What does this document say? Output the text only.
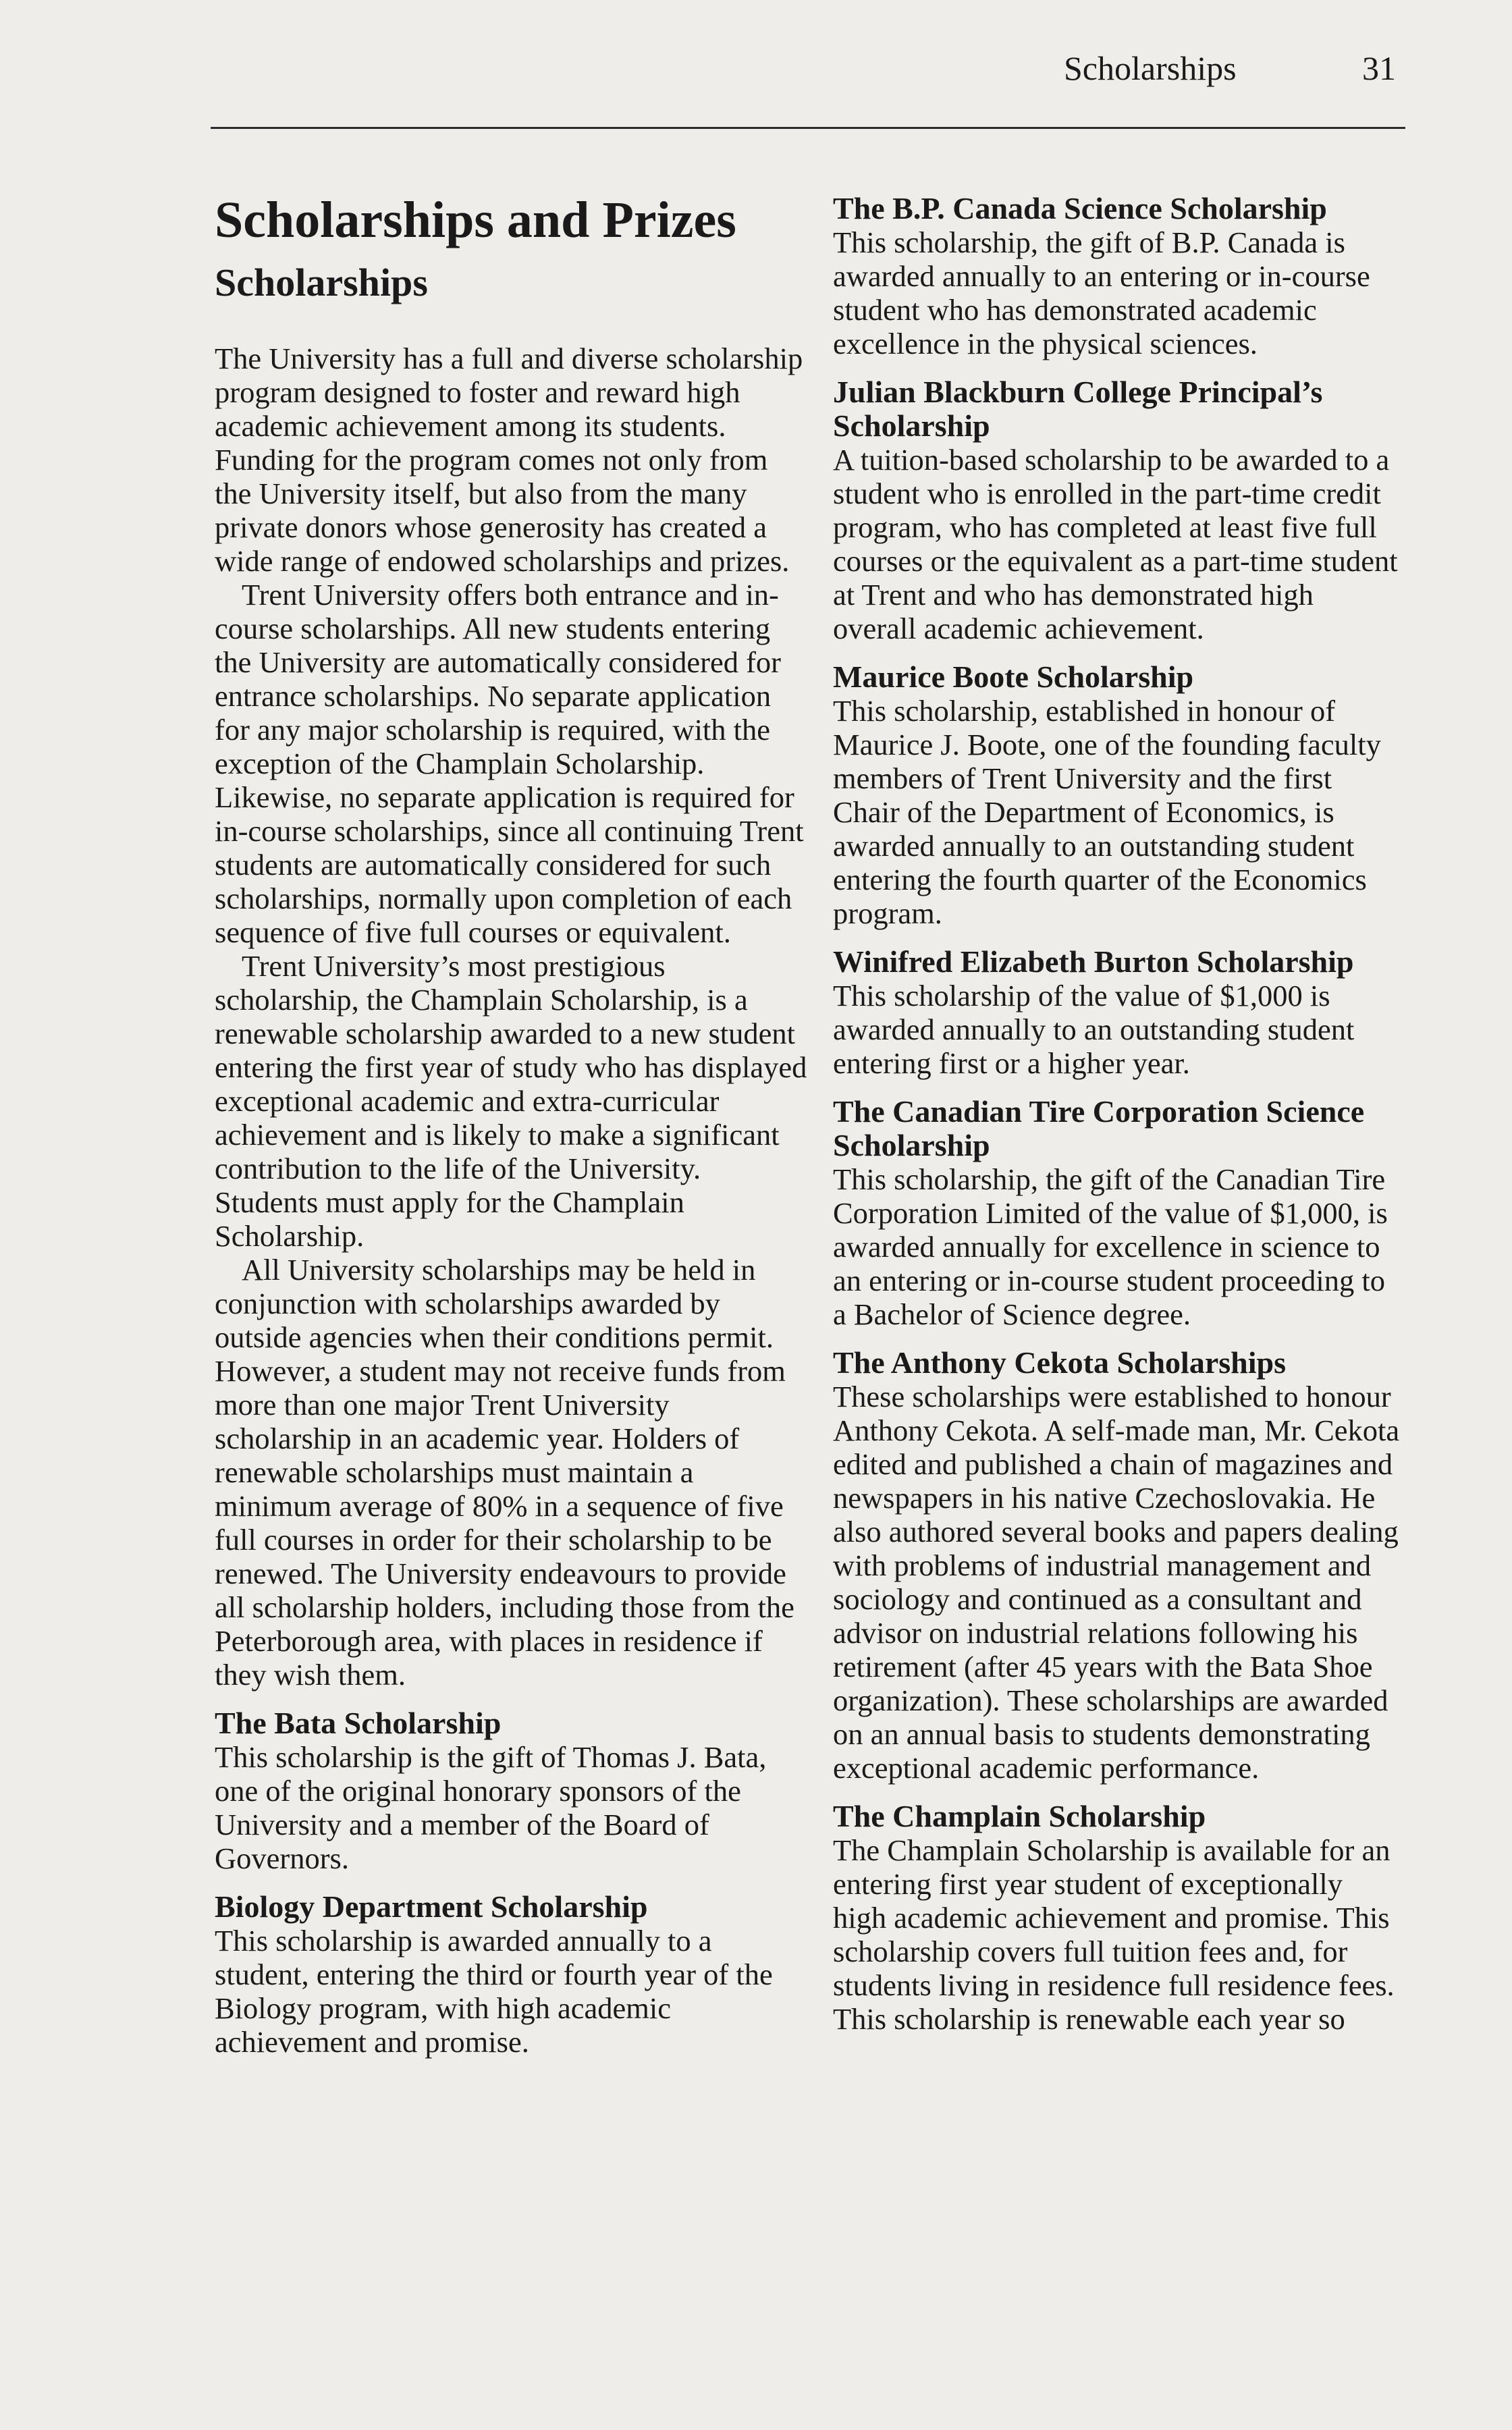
Scholarships	31
Scholarships and Prizes
Scholarships

The University has a full and diverse scholarship program designed to foster and reward high academic achievement among its students. Funding for the program comes not only from the University itself, but also from the many private donors whose generosity has created a wide range of endowed scholarships and prizes.

Trent University offers both entrance and in-course scholarships. All new students entering the University are automatically considered for entrance scholarships. No separate application for any major scholarship is required, with the exception of the Champlain Scholarship. Likewise, no separate application is required for in-course scholarships, since all continuing Trent students are automatically considered for such scholarships, normally upon completion of each sequence of five full courses or equivalent.

Trent University’s most prestigious scholarship, the Champlain Scholarship, is a renewable scholarship awarded to a new student entering the first year of study who has displayed exceptional academic and extra-curricular achievement and is likely to make a significant contribution to the life of the University. Students must apply for the Champlain Scholarship.

All University scholarships may be held in conjunction with scholarships awarded by outside agencies when their conditions permit. However, a student may not receive funds from more than one major Trent University scholarship in an academic year. Holders of renewable scholarships must maintain a minimum average of 80% in a sequence of five full courses in order for their scholarship to be renewed. The University endeavours to provide all scholarship holders, including those from the Peterborough area, with places in residence if they wish them.

The Bata Scholarship

This scholarship is the gift of Thomas J. Bata, one of the original honorary sponsors of the University and a member of the Board of Governors.

Biology Department Scholarship

This scholarship is awarded annually to a student, entering the third or fourth year of the Biology program, with high academic achievement and promise.

The B.P. Canada Science Scholarship

This scholarship, the gift of B.P. Canada is awarded annually to an entering or in-course student who has demonstrated academic excellence in the physical sciences.

Julian Blackburn College Principal’s Scholarship

A tuition-based scholarship to be awarded to a student who is enrolled in the part-time credit program, who has completed at least five full courses or the equivalent as a part-time student at Trent and who has demonstrated high overall academic achievement.

Maurice Boote Scholarship

This scholarship, established in honour of Maurice J. Boote, one of the founding faculty members of Trent University and the first Chair of the Department of Economics, is awarded annually to an outstanding student entering the fourth quarter of the Economics program.

Winifred Elizabeth Burton Scholarship

This scholarship of the value of $1,000 is awarded annually to an outstanding student entering first or a higher year.

The Canadian Tire Corporation Science Scholarship

This scholarship, the gift of the Canadian Tire Corporation Limited of the value of $1,000, is awarded annually for excellence in science to an entering or in-course student proceeding to a Bachelor of Science degree.

The Anthony Cekota Scholarships

These scholarships were established to honour Anthony Cekota. A self-made man, Mr. Cekota edited and published a chain of magazines and newspapers in his native Czechoslovakia. He also authored several books and papers dealing with problems of industrial management and sociology and continued as a consultant and advisor on industrial relations following his retirement (after 45 years with the Bata Shoe organization). These scholarships are awarded on an annual basis to students demonstrating exceptional academic performance.

The Champlain Scholarship

The Champlain Scholarship is available for an entering first year student of exceptionally high academic achievement and promise. This scholarship covers full tuition fees and, for students living in residence full residence fees. This scholarship is renewable each year so
